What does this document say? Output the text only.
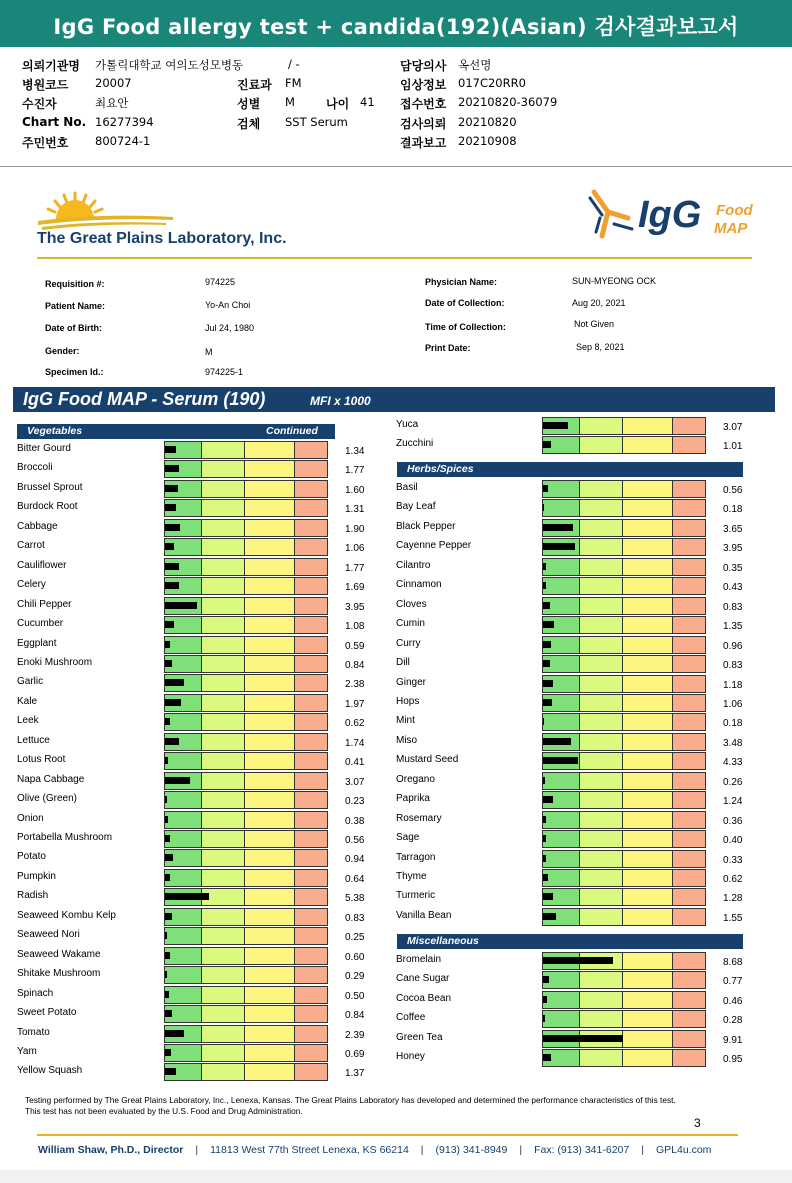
IgG Food allergy test + candida(192)(Asian) 검사결과보고서
의뢰기관명 가톨릭대학교 여의도성모병동
병원코드 20007
수진자	최요안
Chart No. 16277394
주민번호 800724-1
/ -
진료과 FM
성별 M	나이 41
검체 SST Serum
담당의사 옥선명
임상정보 017C20RR0
접수번호 20210820-36079
검사의뢰 20210820
결과보고 20210908
The Great Plains Laboratory, Inc.
IgG Food
MAP
Requisition #:	974225
Patient Name:	Yo-An Choi
Date of Birth:	Jul 24, 1980
Gender:	M
Specimen Id.:	974225-1
Physician Name:	SUN-MYEONG OCK
Date of Collection:	Aug 20, 2021
Time of Collection:	Not Given
Print Date:	Sep 8, 2021
IgG Food MAP - Serum (190)	MFI x 1000
Vegetables	Continued
Bitter Gourd	1.34
Broccoli	1.77
Brussel Sprout	1.60
Burdock Root	1.31
Cabbage	1.90
Carrot	1.06
Cauliflower	1.77
Celery	1.69
Chili Pepper	3.95
Cucumber	1.08
Eggplant	0.59
Enoki Mushroom	0.84
Garlic	2.38
Kale	1.97
Leek	0.62
Lettuce	1.74
Lotus Root	0.41
Napa Cabbage	3.07
Olive (Green)	0.23
Onion	0.38
Portabella Mushroom	0.56
Potato	0.94
Pumpkin	0.64
Radish	5.38
Seaweed Kombu Kelp	0.83
Seaweed Nori	0.25
Seaweed Wakame	0.60
Shitake Mushroom	0.29
Spinach	0.50
Sweet Potato	0.84
Tomato	2.39
Yam	0.69
Yellow Squash	1.37
Yuca	3.07
Zucchini	1.01
Herbs/Spices
Basil	0.56
Bay Leaf	0.18
Black Pepper	3.65
Cayenne Pepper	3.95
Cilantro	0.35
Cinnamon	0.43
Cloves	0.83
Cumin	1.35
Curry	0.96
Dill	0.83
Ginger	1.18
Hops	1.06
Mint	0.18
Miso	3.48
Mustard Seed	4.33
Oregano	0.26
Paprika	1.24
Rosemary	0.36
Sage	0.40
Tarragon	0.33
Thyme	0.62
Turmeric	1.28
Vanilla Bean	1.55
Miscellaneous
Bromelain	8.68
Cane Sugar	0.77
Cocoa Bean	0.46
Coffee	0.28
Green Tea	9.91
Honey	0.95
Testing performed by The Great Plains Laboratory, Inc., Lenexa, Kansas. The Great Plains Laboratory has developed and determined the performance characteristics of this test. This test has not been evaluated by the U.S. Food and Drug Administration.
3
William Shaw, Ph.D., Director | 11813 West 77th Street Lenexa, KS 66214 | (913) 341-8949 | Fax: (913) 341-6207 | GPL4u.com
